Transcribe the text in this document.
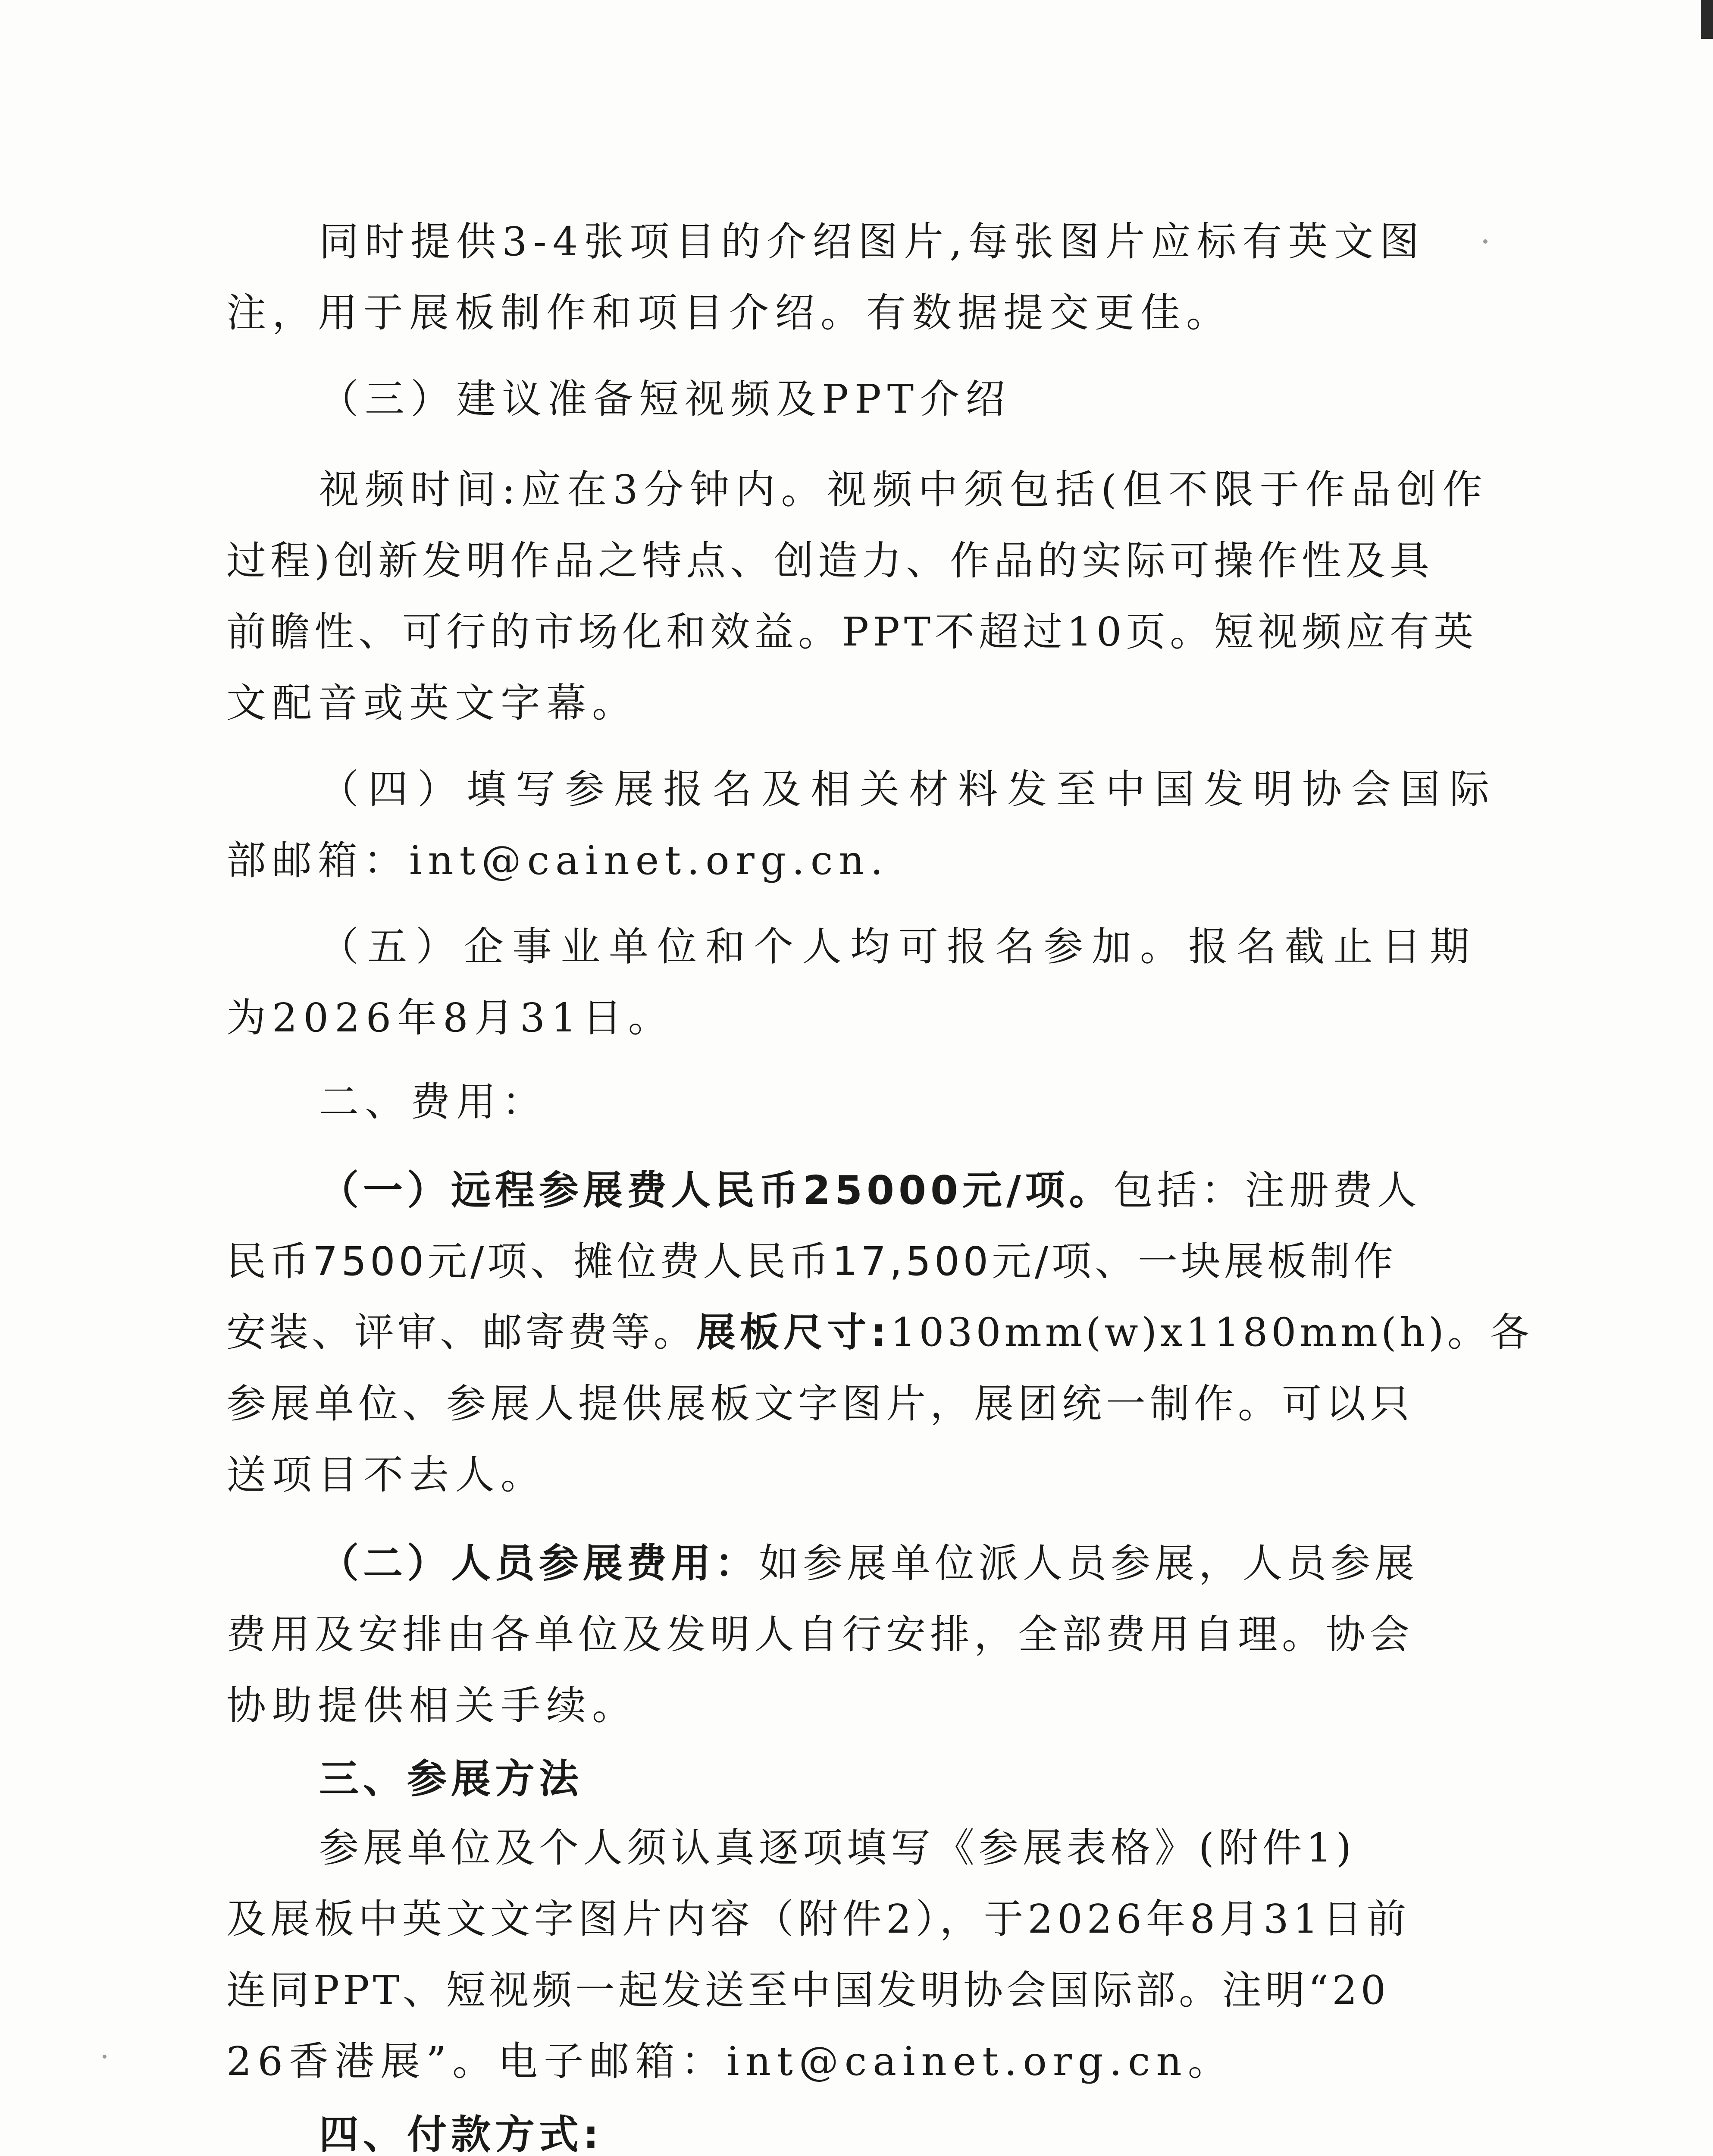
同时提供3-4张项目的介绍图片,每张图片应标有英文图
注，用于展板制作和项目介绍。有数据提交更佳。
（三）建议准备短视频及PPT介绍
视频时间:应在3分钟内。视频中须包括(但不限于作品创作
过程)创新发明作品之特点、创造力、作品的实际可操作性及具
前瞻性、可行的市场化和效益。PPT不超过10页。短视频应有英
文配音或英文字幕。
（四）填写参展报名及相关材料发至中国发明协会国际
部邮箱：int@cainet.org.cn.
（五）企事业单位和个人均可报名参加。报名截止日期
为2026年8月31日。
二、费用：
（一）远程参展费人民币25000元/项。包括：注册费人
民币7500元/项、摊位费人民币17,500元/项、一块展板制作
安装、评审、邮寄费等。展板尺寸:1030mm(w)x1180mm(h)。各
参展单位、参展人提供展板文字图片，展团统一制作。可以只
送项目不去人。
（二）人员参展费用：如参展单位派人员参展，人员参展
费用及安排由各单位及发明人自行安排，全部费用自理。协会
协助提供相关手续。
三、参展方法
参展单位及个人须认真逐项填写《参展表格》(附件1)
及展板中英文文字图片内容（附件2），于2026年8月31日前
连同PPT、短视频一起发送至中国发明协会国际部。注明“20
26香港展”。电子邮箱：int@cainet.org.cn。
四、付款方式:
